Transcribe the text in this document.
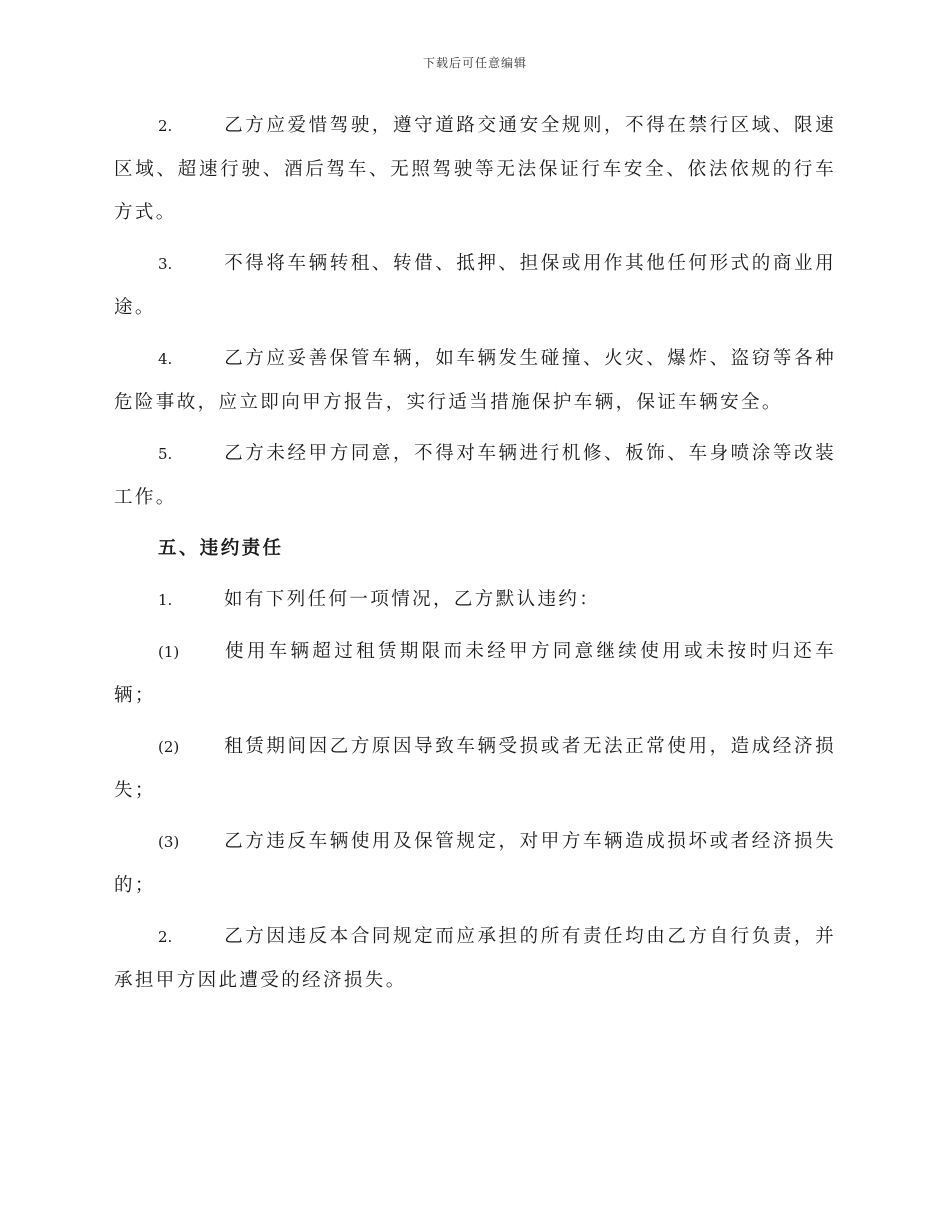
下载后可任意编辑

2.	乙方应爱惜驾驶，遵守道路交通安全规则，不得在禁行区域、限速区域、超速行驶、酒后驾车、无照驾驶等无法保证行车安全、依法依规的行车方式。

3.	不得将车辆转租、转借、抵押、担保或用作其他任何形式的商业用途。

4.	乙方应妥善保管车辆，如车辆发生碰撞、火灾、爆炸、盗窃等各种危险事故，应立即向甲方报告，实行适当措施保护车辆，保证车辆安全。

5.	乙方未经甲方同意，不得对车辆进行机修、板饰、车身喷涂等改装工作。

五、违约责任

1.	如有下列任何一项情况，乙方默认违约：

(1) 使用车辆超过租赁期限而未经甲方同意继续使用或未按时归还车辆；

(2) 租赁期间因乙方原因导致车辆受损或者无法正常使用，造成经济损失；

(3) 乙方违反车辆使用及保管规定，对甲方车辆造成损坏或者经济损失的；

2.	乙方因违反本合同规定而应承担的所有责任均由乙方自行负责，并承担甲方因此遭受的经济损失。
